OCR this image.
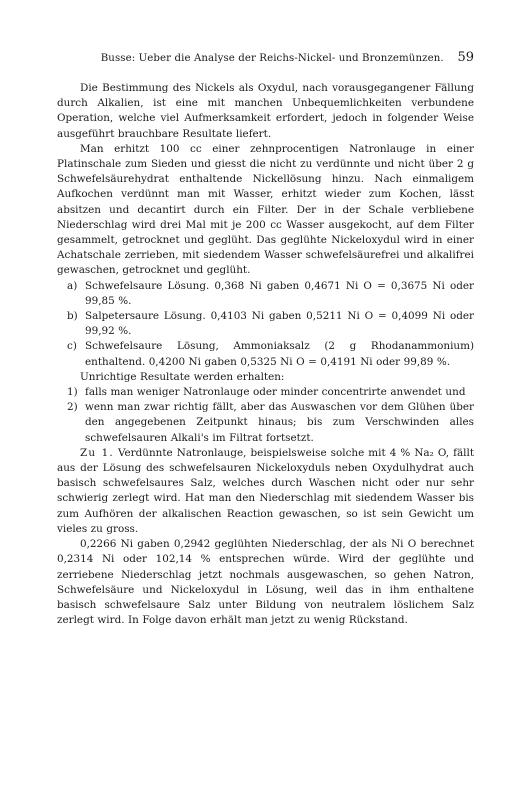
Busse: Ueber die Analyse der Reichs-Nickel- und Bronzemünzen.	59

Die Bestimmung des Nickels als Oxydul, nach vorausgegangener Fällung durch Alkalien, ist eine mit manchen Unbequemlichkeiten verbundene Operation, welche viel Aufmerksamkeit erfordert, jedoch in folgender Weise ausgeführt brauchbare Resultate liefert.

Man erhitzt 100 cc einer zehnprocentigen Natronlauge in einer Platinschale zum Sieden und giesst die nicht zu verdünnte und nicht über 2 g Schwefelsäurehydrat enthaltende Nickellösung hinzu. Nach einmaligem Aufkochen verdünnt man mit Wasser, erhitzt wieder zum Kochen, lässt absitzen und decantirt durch ein Filter. Der in der Schale verbliebene Niederschlag wird drei Mal mit je 200 cc Wasser ausgekocht, auf dem Filter gesammelt, getrocknet und geglüht. Das geglühte Nickeloxydul wird in einer Achatschale zerrieben, mit siedendem Wasser schwefelsäurefrei und alkalifrei gewaschen, getrocknet und geglüht.

a) Schwefelsaure Lösung. 0,368 Ni gaben 0,4671 Ni O = 0,3675 Ni oder 99,85 %.
b) Salpetersaure Lösung. 0,4103 Ni gaben 0,5211 Ni O = 0,4099 Ni oder 99,92 %.
c) Schwefelsaure Lösung, Ammoniaksalz (2 g Rhodanammonium) enthaltend. 0,4200 Ni gaben 0,5325 Ni O = 0,4191 Ni oder 99,89 %.

Unrichtige Resultate werden erhalten:

1) falls man weniger Natronlauge oder minder concentrirte anwendet und
2) wenn man zwar richtig fällt, aber das Auswaschen vor dem Glühen über den angegebenen Zeitpunkt hinaus; bis zum Verschwinden alles schwefelsauren Alkali's im Filtrat fortsetzt.

Zu 1. Verdünnte Natronlauge, beispielsweise solche mit 4 % Na₂ O, fällt aus der Lösung des schwefelsauren Nickeloxyduls neben Oxydulhydrat auch basisch schwefelsaures Salz, welches durch Waschen nicht oder nur sehr schwierig zerlegt wird. Hat man den Niederschlag mit siedendem Wasser bis zum Aufhören der alkalischen Reaction gewaschen, so ist sein Gewicht um vieles zu gross.

0,2266 Ni gaben 0,2942 geglühten Niederschlag, der als Ni O berechnet 0,2314 Ni oder 102,14 % entsprechen würde. Wird der geglühte und zerriebene Niederschlag jetzt nochmals ausgewaschen, so gehen Natron, Schwefelsäure und Nickeloxydul in Lösung, weil das in ihm enthaltene basisch schwefelsaure Salz unter Bildung von neutralem löslichem Salz zerlegt wird. In Folge davon erhält man jetzt zu wenig Rückstand.
